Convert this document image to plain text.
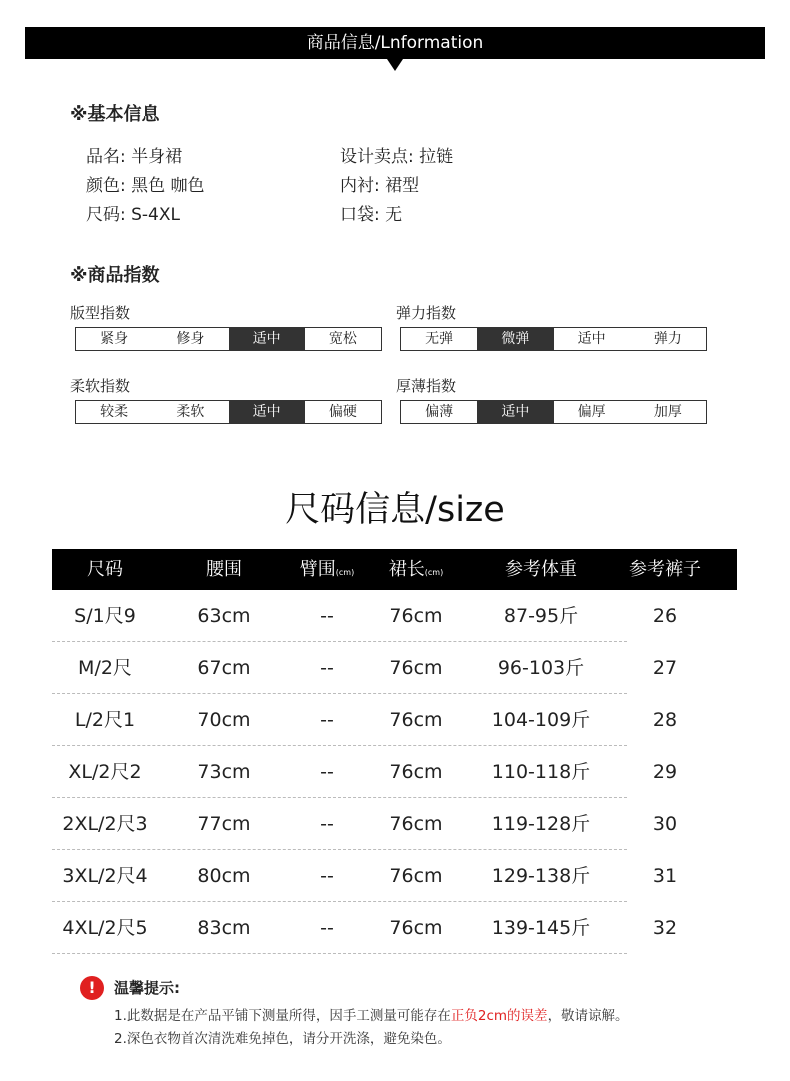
商品信息/Lnformation
※基本信息
品名: 半身裙	设计卖点: 拉链
颜色: 黑色 咖色	内衬: 裙型
尺码: S-4XL	口袋: 无
※商品指数
版型指数
紧身	修身	适中	宽松
弹力指数
无弹	微弹	适中	弹力
柔软指数
较柔	柔软	适中	偏硬
厚薄指数
偏薄	适中	偏厚	加厚
尺码信息/size
尺码	腰围	臂围(cm)	裙长(cm)	参考体重	参考裤子
S/1尺9	63cm	--	76cm	87-95斤	26
M/2尺	67cm	--	76cm	96-103斤	27
L/2尺1	70cm	--	76cm	104-109斤	28
XL/2尺2	73cm	--	76cm	110-118斤	29
2XL/2尺3	77cm	--	76cm	119-128斤	30
3XL/2尺4	80cm	--	76cm	129-138斤	31
4XL/2尺5	83cm	--	76cm	139-145斤	32
!	温馨提示:
1.此数据是在产品平铺下测量所得，因手工测量可能存在正负2cm的误差，敬请谅解。
2.深色衣物首次清洗难免掉色，请分开洗涤，避免染色。
